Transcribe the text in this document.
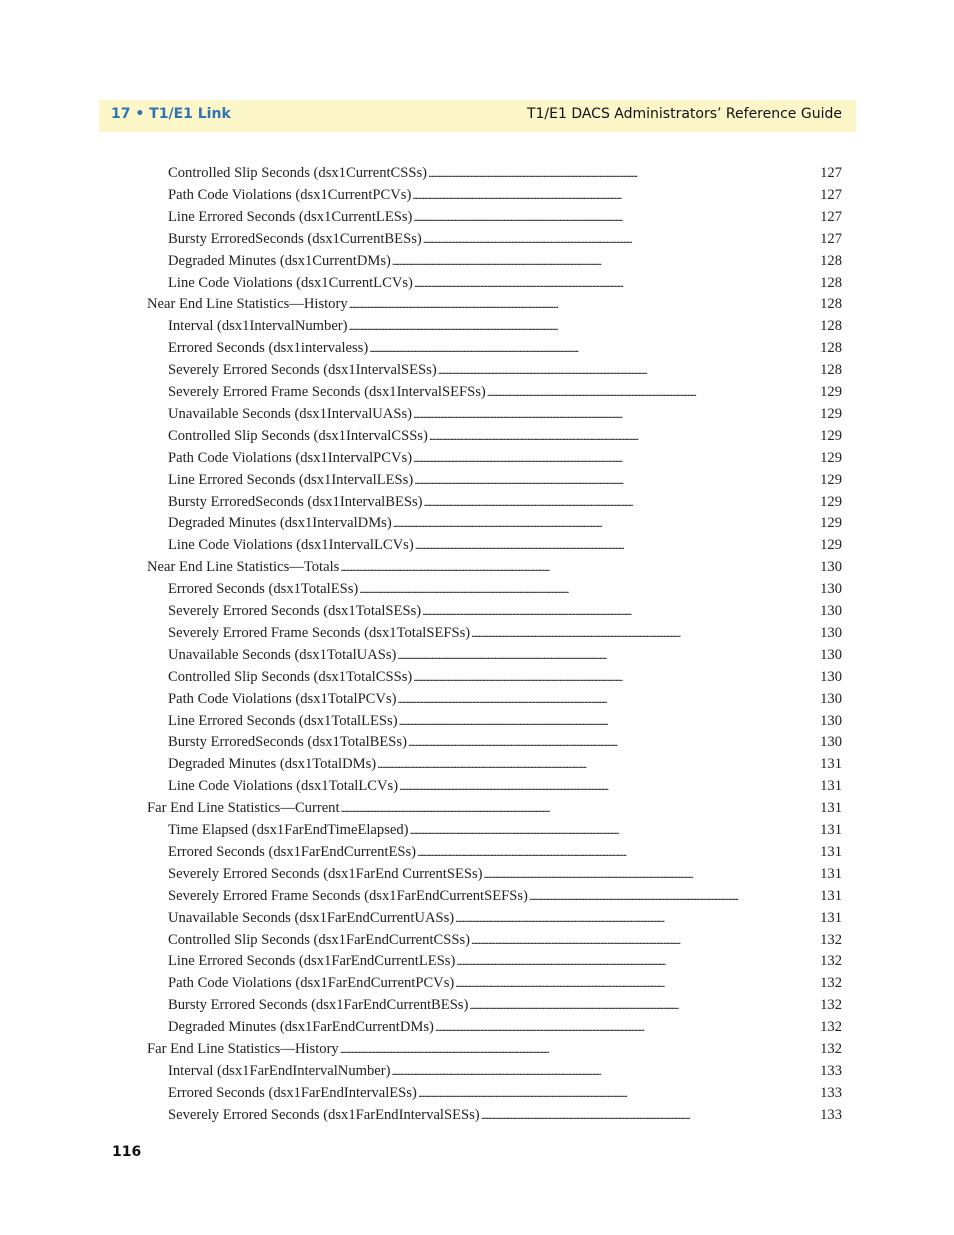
17 • T1/E1 Link	T1/E1 DACS Administrators’ Reference Guide
Controlled Slip Seconds (dsx1CurrentCSSs) . . .	127
Path Code Violations (dsx1CurrentPCVs) . . .	127
Line Errored Seconds (dsx1CurrentLESs) . . .	127
Bursty ErroredSeconds (dsx1CurrentBESs) . . .	127
Degraded Minutes (dsx1CurrentDMs) . . .	128
Line Code Violations (dsx1CurrentLCVs) . . .	128
Near End Line Statistics—History . . .	128
Interval (dsx1IntervalNumber) . . .	128
Errored Seconds (dsx1intervaless) . . .	128
Severely Errored Seconds (dsx1IntervalSESs) . . .	128
Severely Errored Frame Seconds (dsx1IntervalSEFSs) . . .	129
Unavailable Seconds (dsx1IntervalUASs) . . .	129
Controlled Slip Seconds (dsx1IntervalCSSs) . . .	129
Path Code Violations (dsx1IntervalPCVs) . . .	129
Line Errored Seconds (dsx1IntervalLESs) . . .	129
Bursty ErroredSeconds (dsx1IntervalBESs) . . .	129
Degraded Minutes (dsx1IntervalDMs) . . .	129
Line Code Violations (dsx1IntervalLCVs) . . .	129
Near End Line Statistics—Totals . . .	130
Errored Seconds (dsx1TotalESs) . . .	130
Severely Errored Seconds (dsx1TotalSESs) . . .	130
Severely Errored Frame Seconds (dsx1TotalSEFSs) . . .	130
Unavailable Seconds (dsx1TotalUASs) . . .	130
Controlled Slip Seconds (dsx1TotalCSSs) . . .	130
Path Code Violations (dsx1TotalPCVs) . . .	130
Line Errored Seconds (dsx1TotalLESs) . . .	130
Bursty ErroredSeconds (dsx1TotalBESs) . . .	130
Degraded Minutes (dsx1TotalDMs) . . .	131
Line Code Violations (dsx1TotalLCVs) . . .	131
Far End Line Statistics—Current . . .	131
Time Elapsed (dsx1FarEndTimeElapsed) . . .	131
Errored Seconds (dsx1FarEndCurrentESs) . . .	131
Severely Errored Seconds (dsx1FarEnd CurrentSESs) . . .	131
Severely Errored Frame Seconds (dsx1FarEndCurrentSEFSs) . . .	131
Unavailable Seconds (dsx1FarEndCurrentUASs) . . .	131
Controlled Slip Seconds (dsx1FarEndCurrentCSSs) . . .	132
Line Errored Seconds (dsx1FarEndCurrentLESs) . . .	132
Path Code Violations (dsx1FarEndCurrentPCVs) . . .	132
Bursty Errored Seconds (dsx1FarEndCurrentBESs) . . .	132
Degraded Minutes (dsx1FarEndCurrentDMs) . . .	132
Far End Line Statistics—History . . .	132
Interval (dsx1FarEndIntervalNumber) . . .	133
Errored Seconds (dsx1FarEndIntervalESs) . . .	133
Severely Errored Seconds (dsx1FarEndIntervalSESs) . . .	133
116
